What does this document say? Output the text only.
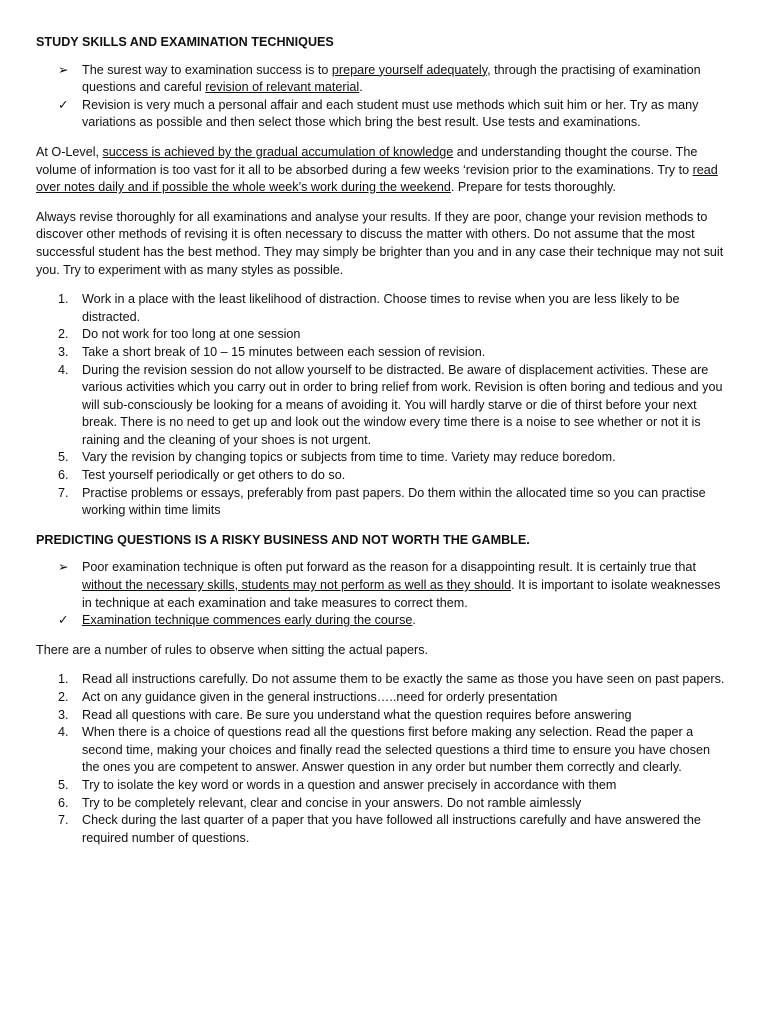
STUDY SKILLS AND EXAMINATION TECHNIQUES
➢	The surest way to examination success is to prepare yourself adequately, through the practising of examination questions and careful revision of relevant material.
✓	Revision is very much a personal affair and each student must use methods which suit him or her. Try as many variations as possible and then select those which bring the best result. Use tests and examinations.

At O-Level, success is achieved by the gradual accumulation of knowledge and understanding thought the course. The volume of information is too vast for it all to be absorbed during a few weeks ‘revision prior to the examinations. Try to read over notes daily and if possible the whole week’s work during the weekend. Prepare for tests thoroughly.

Always revise thoroughly for all examinations and analyse your results. If they are poor, change your revision methods to discover other methods of revising it is often necessary to discuss the matter with others. Do not assume that the most successful student has the best method. They may simply be brighter than you and in any case their technique may not suit you. Try to experiment with as many styles as possible.

1. Work in a place with the least likelihood of distraction. Choose times to revise when you are less likely to be distracted.
2. Do not work for too long at one session
3. Take a short break of 10 – 15 minutes between each session of revision.
4. During the revision session do not allow yourself to be distracted. Be aware of displacement activities. These are various activities which you carry out in order to bring relief from work. Revision is often boring and tedious and you will sub-consciously be looking for a means of avoiding it. You will hardly starve or die of thirst before your next break. There is no need to get up and look out the window every time there is a noise to see whether or not it is raining and the cleaning of your shoes is not urgent.
5. Vary the revision by changing topics or subjects from time to time. Variety may reduce boredom.
6. Test yourself periodically or get others to do so.
7. Practise problems or essays, preferably from past papers. Do them within the allocated time so you can practise working within time limits
PREDICTING QUESTIONS IS A RISKY BUSINESS AND NOT WORTH THE GAMBLE.
➢	Poor examination technique is often put forward as the reason for a disappointing result. It is certainly true that without the necessary skills, students may not perform as well as they should. It is important to isolate weaknesses in technique at each examination and take measures to correct them.
✓	Examination technique commences early during the course.

There are a number of rules to observe when sitting the actual papers.

1. Read all instructions carefully. Do not assume them to be exactly the same as those you have seen on past papers.
2. Act on any guidance given in the general instructions…..need for orderly presentation
3. Read all questions with care. Be sure you understand what the question requires before answering
4. When there is a choice of questions read all the questions first before making any selection. Read the paper a second time, making your choices and finally read the selected questions a third time to ensure you have chosen the ones you are competent to answer. Answer question in any order but number them correctly and clearly.
5. Try to isolate the key word or words in a question and answer precisely in accordance with them
6. Try to be completely relevant, clear and concise in your answers. Do not ramble aimlessly
7. Check during the last quarter of a paper that you have followed all instructions carefully and have answered the required number of questions.
